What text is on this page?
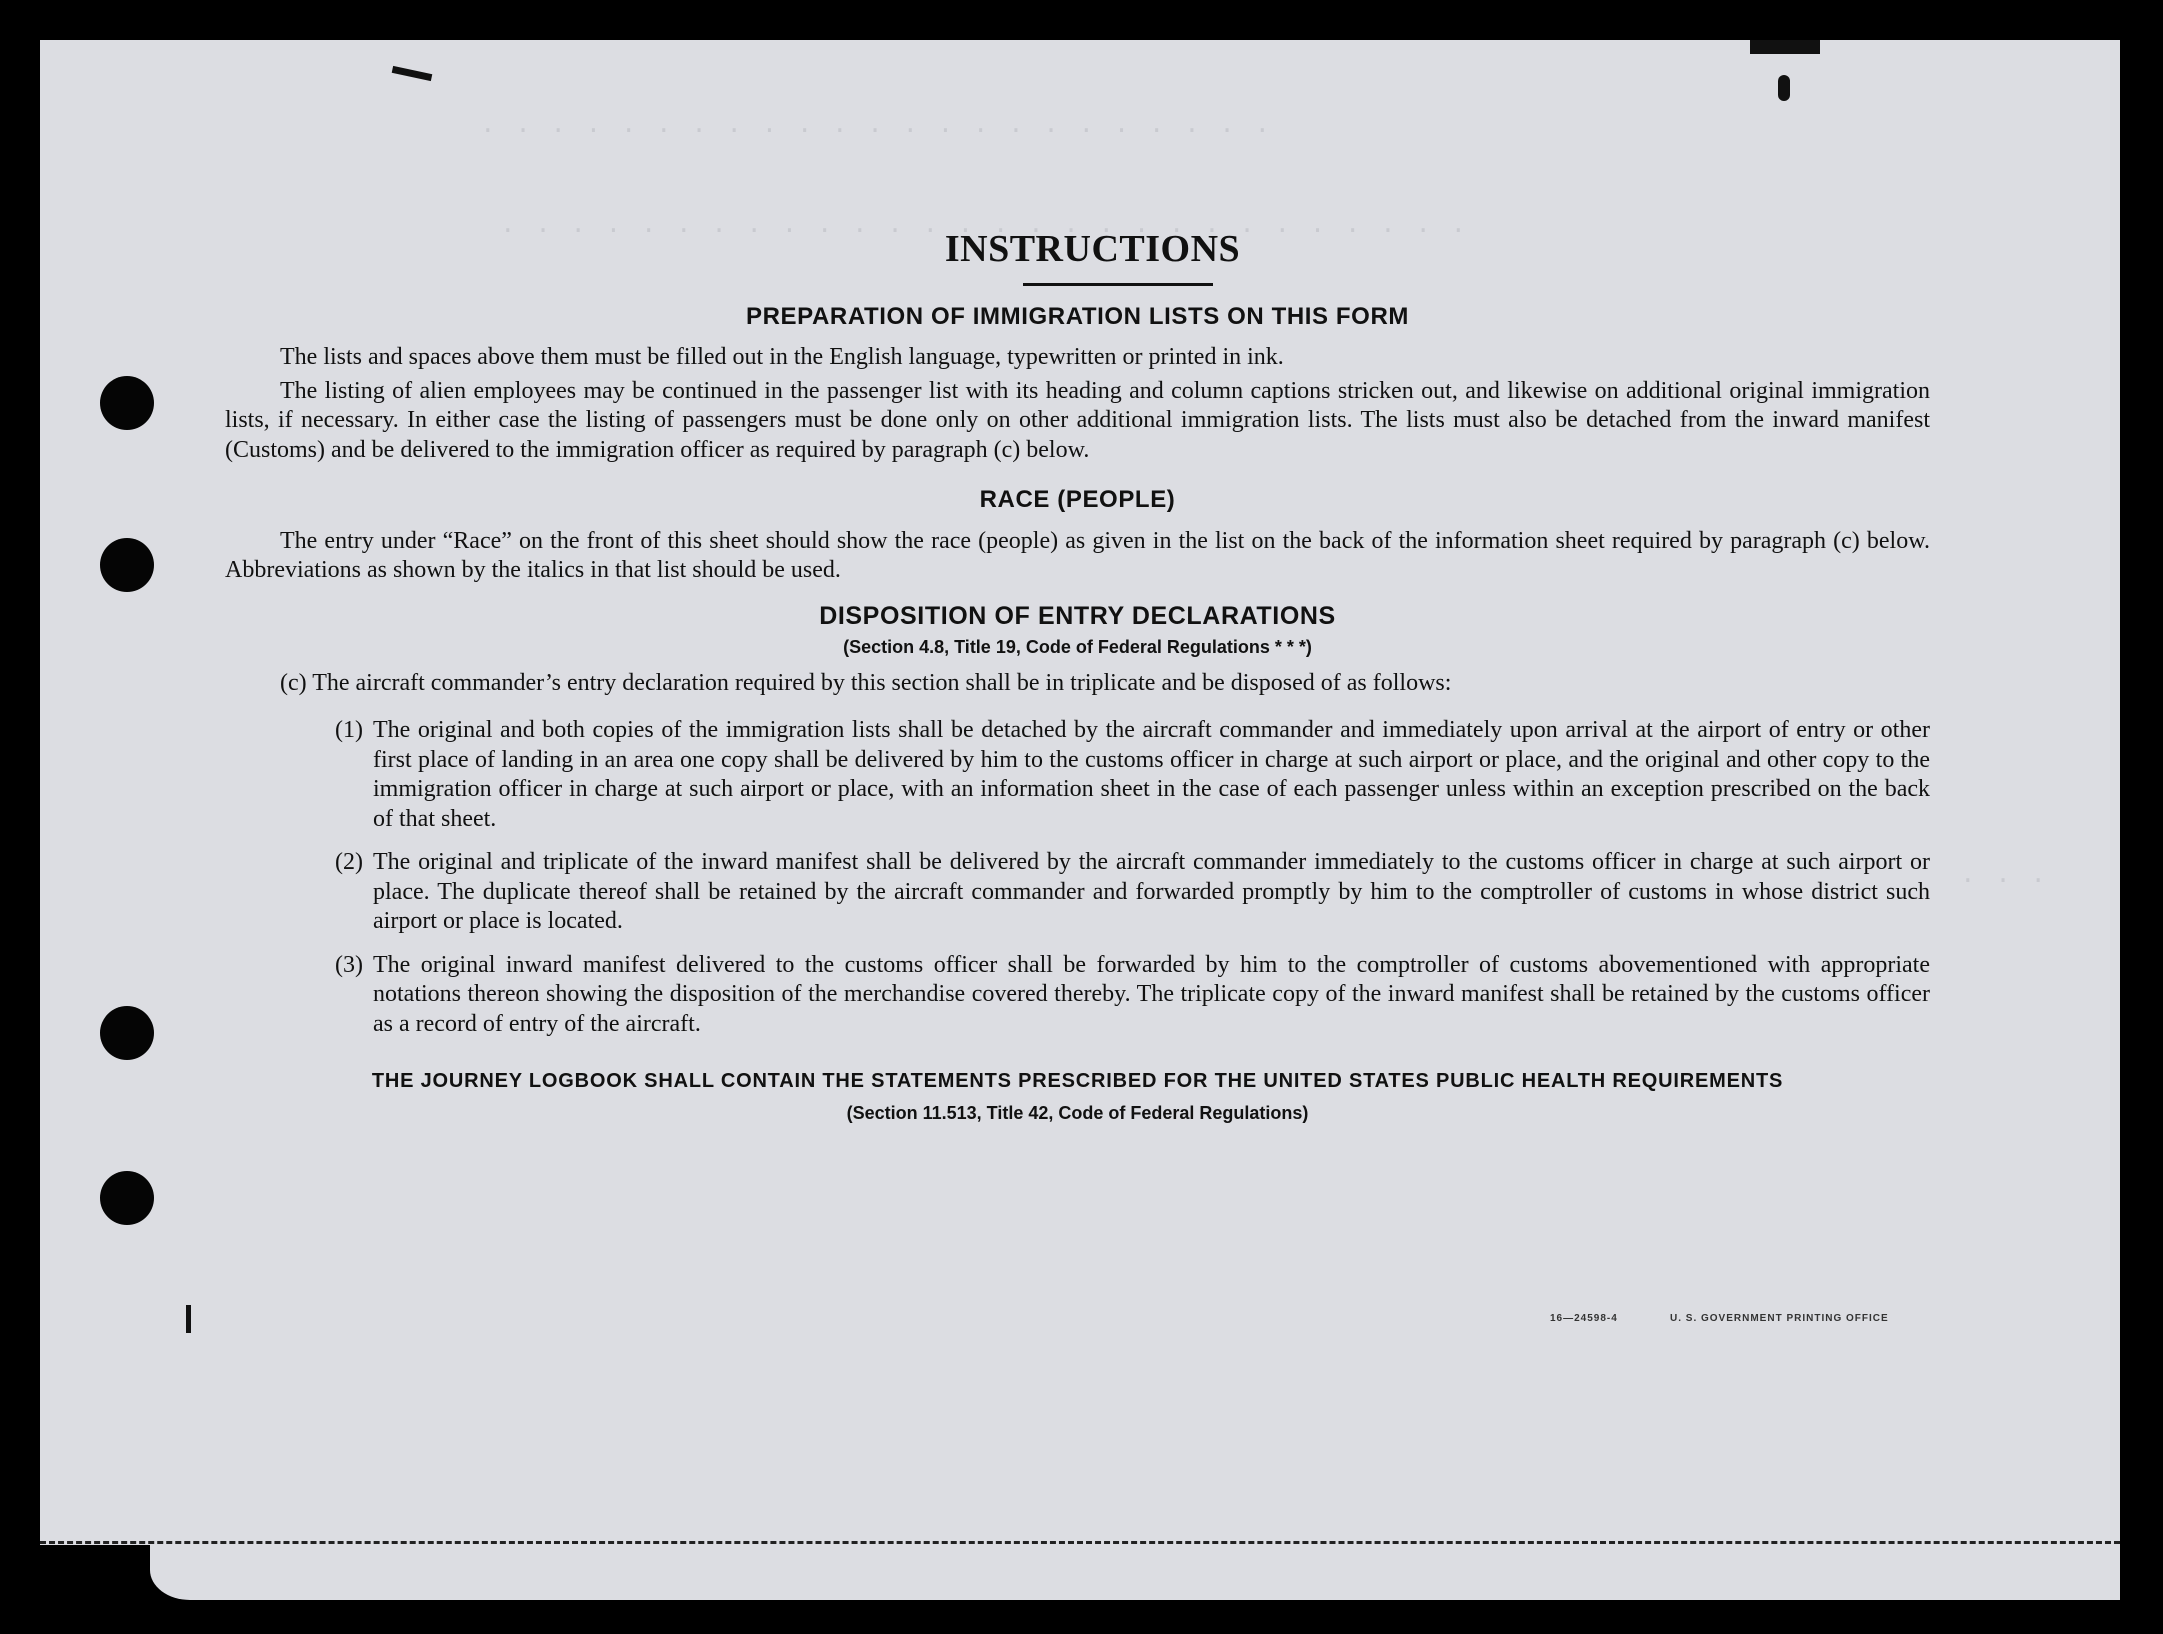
. . . . . . . . . . . . . . . . . . . . . . .
. . . . . . . . . . . . . . . . . . . . . . . . . . . .
. . .
INSTRUCTIONS
PREPARATION OF IMMIGRATION LISTS ON THIS FORM

The lists and spaces above them must be filled out in the English language, typewritten or printed in ink.

The listing of alien employees may be continued in the passenger list with its heading and column captions stricken out, and likewise on additional original immigration lists, if necessary. In either case the listing of passengers must be done only on other additional immigration lists. The lists must also be detached from the inward manifest (Customs) and be delivered to the immigration officer as required by paragraph (c) below.

RACE (PEOPLE)

The entry under “Race” on the front of this sheet should show the race (people) as given in the list on the back of the information sheet required by paragraph (c) below. Abbreviations as shown by the italics in that list should be used.

DISPOSITION OF ENTRY DECLARATIONS
(Section 4.8, Title 19, Code of Federal Regulations * * *)
(c) The aircraft commander’s entry declaration required by this section shall be in triplicate and be disposed of as follows:
(1) The original and both copies of the immigration lists shall be detached by the aircraft commander and immediately upon arrival at the airport of entry or other first place of landing in an area one copy shall be delivered by him to the customs officer in charge at such airport or place, and the original and other copy to the immigration officer in charge at such airport or place, with an information sheet in the case of each passenger unless within an exception prescribed on the back of that sheet.
(2) The original and triplicate of the inward manifest shall be delivered by the aircraft commander immediately to the customs officer in charge at such airport or place. The duplicate thereof shall be retained by the aircraft commander and forwarded promptly by him to the comptroller of customs in whose district such airport or place is located.
(3) The original inward manifest delivered to the customs officer shall be forwarded by him to the comptroller of customs abovementioned with appropriate notations thereon showing the disposition of the merchandise covered thereby. The triplicate copy of the inward manifest shall be retained by the customs officer as a record of entry of the aircraft.
THE JOURNEY LOGBOOK SHALL CONTAIN THE STATEMENTS PRESCRIBED FOR THE UNITED STATES PUBLIC HEALTH REQUIREMENTS
(Section 11.513, Title 42, Code of Federal Regulations)
16—24598-4	U. S. GOVERNMENT PRINTING OFFICE
